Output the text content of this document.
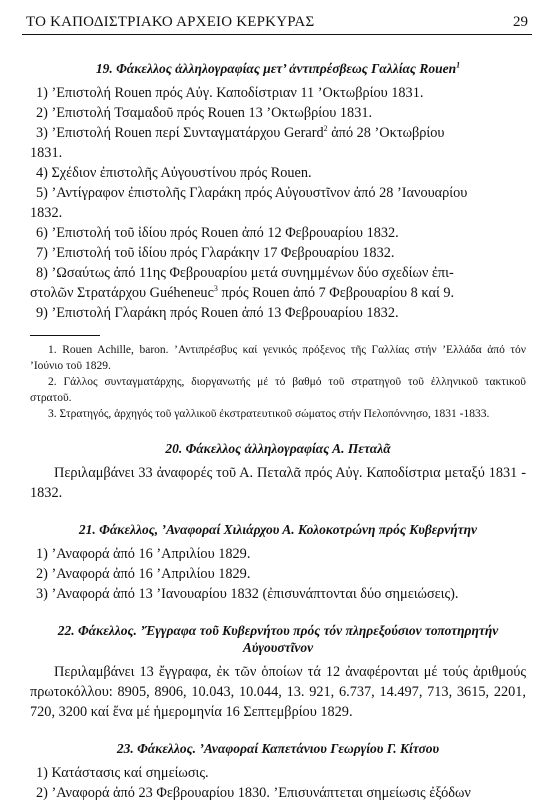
ΤΟ ΚΑΠΟΔΙΣΤΡΙΑΚΟ ΑΡΧΕΙΟ ΚΕΡΚΥΡΑΣ	29
19. Φάκελλος ἀλληλογραφίας μετ’ ἀντιπρέσβεως Γαλλίας Rouen$^1$

1) ’Επιστολή Rouen πρός Αὐγ. Καποδίστριαν 11 ’Οκτωβρίου 1831.

2) ’Επιστολή Τσαμαδοῦ πρός Rouen 13 ’Οκτωβρίου 1831.

3) ’Επιστολή Rouen περί Συνταγματάρχου Gerard$^2$ ἀπό 28 ’Οκτωβρίου
1831.

4) Σχέδιον ἐπιστολῆς Αὐγουστίνου πρός Rouen.

5) ’Αντίγραφον ἐπιστολῆς Γλαράκη πρός Αὐγουστῖνον ἀπό 28 ’Ιανουαρίου
1832.

6) ’Επιστολή τοῦ ἰδίου πρός Rouen ἀπό 12 Φεβρουαρίου 1832.

7) ’Επιστολή τοῦ ἰδίου πρός Γλαράκην 17 Φεβρουαρίου 1832.

8) ’Ωσαύτως ἀπό 11ης Φεβρουαρίου μετά συνημμένων δύο σχεδίων ἐπι-
στολῶν Στρατάρχου Guéheneuc$^3$ πρός Rouen ἀπό 7 Φεβρουαρίου 8 καί 9.

9) ’Επιστολή Γλαράκη πρός Rouen ἀπό 13 Φεβρουαρίου 1832.

1. Rouen Achille, baron. ’Αντιπρέσβυς καί γενικός πρόξενος τῆς Γαλλίας στήν ’Ελλάδα ἀπό τόν ’Ιούνιο τοῦ 1829.

2. Γάλλος συνταγματάρχης, διοργανωτής μέ τό βαθμό τοῦ στρατηγοῦ τοῦ ἑλληνικοῦ τακτικοῦ στρατοῦ.

3. Στρατηγός, ἀρχηγός τοῦ γαλλικοῦ ἐκστρατευτικοῦ σώματος στήν Πελοπόννησο, 1831 -1833.

20. Φάκελλος ἀλληλογραφίας Α. Πεταλᾶ

Περιλαμβάνει 33 ἀναφορές τοῦ Α. Πεταλᾶ πρός Αὐγ. Καποδίστρια μεταξύ 1831 - 1832.

21. Φάκελλος, ’Αναφοραί Χιλιάρχου Α. Κολοκοτρώνη πρός Κυβερνήτην

1) ’Αναφορά ἀπό 16 ’Απριλίου 1829.

2) ’Αναφορά ἀπό 16 ’Απριλίου 1829.

3) ’Αναφορά ἀπό 13 ’Ιανουαρίου 1832 (ἐπισυνάπτονται δύο σημειώσεις).

22. Φάκελλος. ’Έγγραφα τοῦ Κυβερνήτου πρός τόν πληρεξούσιον τοποτηρητήν Αὐγουστῖνον

Περιλαμβάνει 13 ἔγγραφα, ἐκ τῶν ὁποίων τά 12 ἀναφέρονται μέ τούς ἀριθμούς πρωτοκόλλου: 8905, 8906, 10.043, 10.044, 13. 921, 6.737, 14.497, 713, 3615, 2201, 720, 3200 καί ἕνα μέ ἡμερομηνία 16 Σεπτεμβρίου 1829.

23. Φάκελλος. ’Αναφοραί Καπετάνιου Γεωργίου Γ. Κίτσου

1) Κατάστασις καί σημείωσις.

2) ’Αναφορά ἀπό 23 Φεβρουαρίου 1830. ’Επισυνάπτεται σημείωσις ἐξόδων
